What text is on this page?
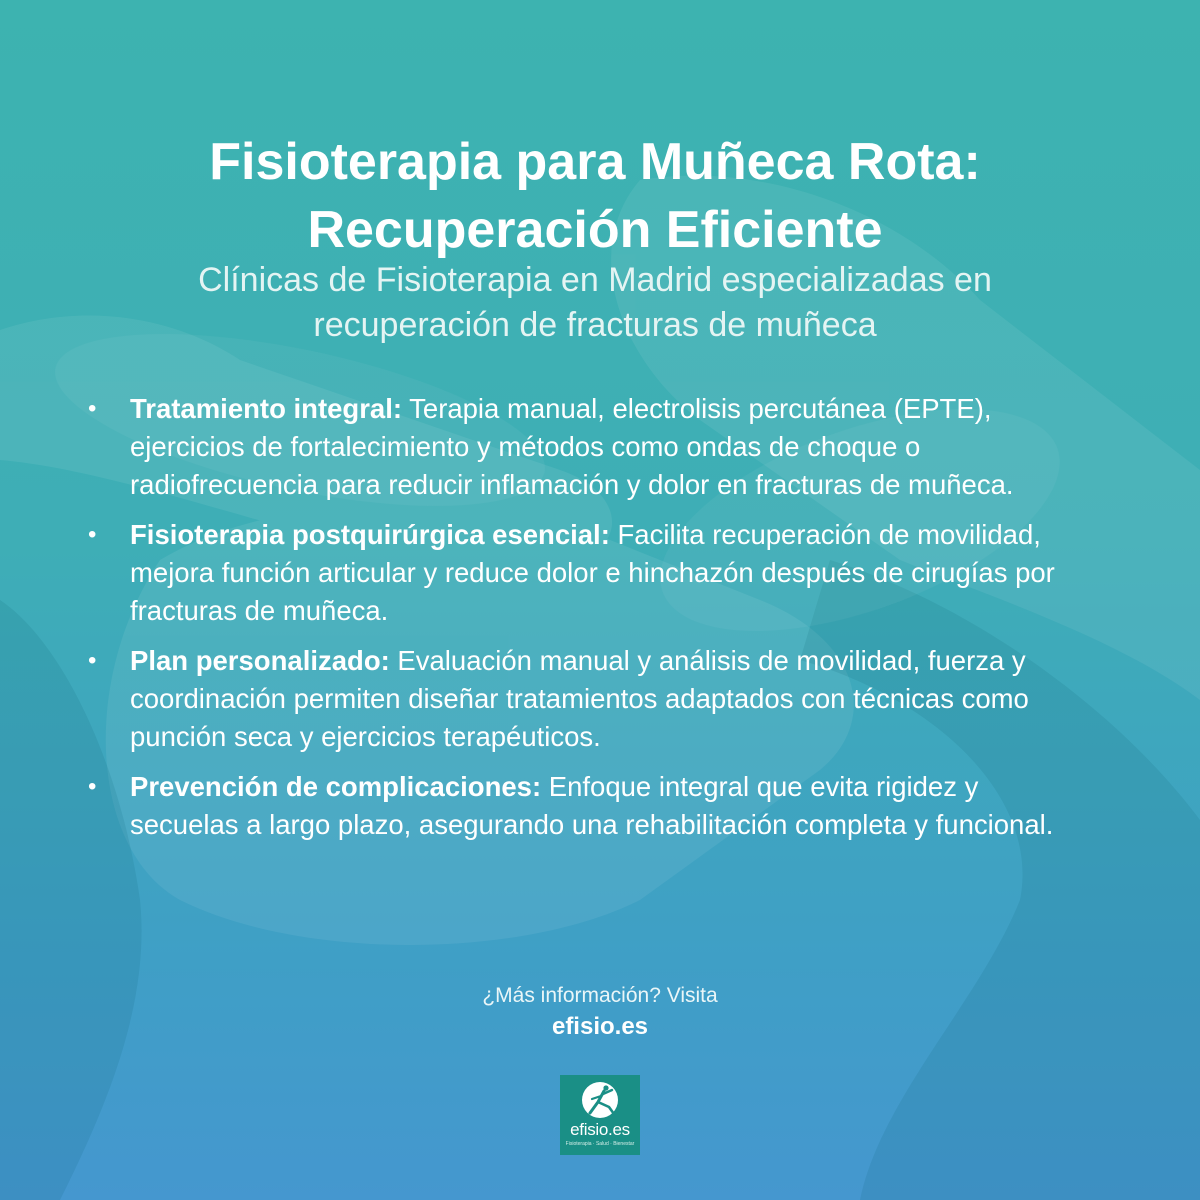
Fisioterapia para Muñeca Rota:
Recuperación Eficiente

Clínicas de Fisioterapia en Madrid especializadas en
recuperación de fracturas de muñeca

• Tratamiento integral: Terapia manual, electrolisis percutánea (EPTE), ejercicios de fortalecimiento y métodos como ondas de choque o radiofrecuencia para reducir inflamación y dolor en fracturas de muñeca.
• Fisioterapia postquirúrgica esencial: Facilita recuperación de movilidad, mejora función articular y reduce dolor e hinchazón después de cirugías por fracturas de muñeca.
• Plan personalizado: Evaluación manual y análisis de movilidad, fuerza y coordinación permiten diseñar tratamientos adaptados con técnicas como punción seca y ejercicios terapéuticos.
• Prevención de complicaciones: Enfoque integral que evita rigidez y secuelas a largo plazo, asegurando una rehabilitación completa y funcional.
¿Más información? Visita
efisio.es
efisio.es
Fisioterapia · Salud · Bienestar
